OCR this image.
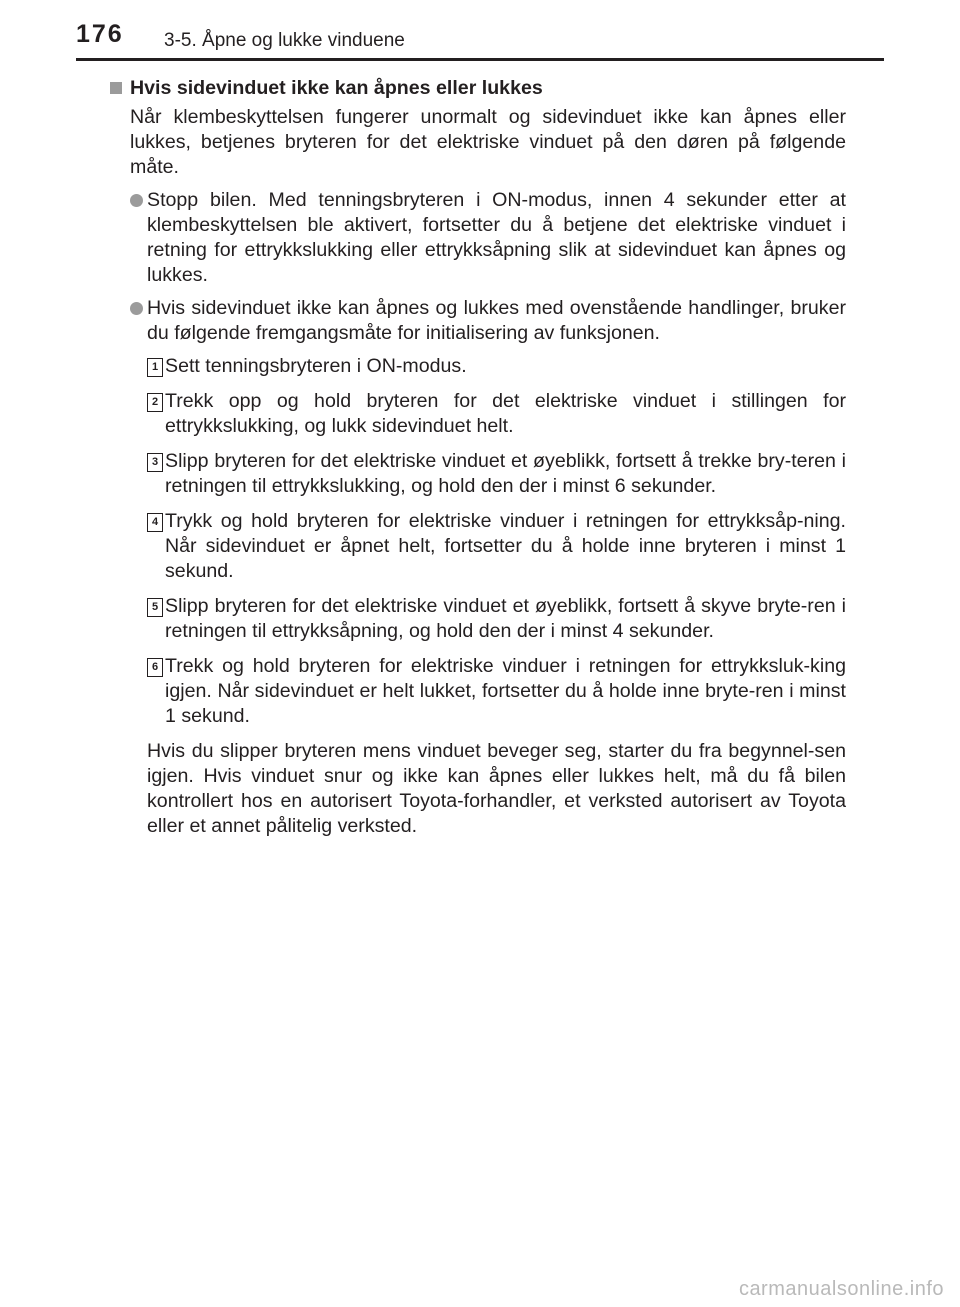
176 3-5. Åpne og lukke vinduene
Hvis sidevinduet ikke kan åpnes eller lukkes

Når klembeskyttelsen fungerer unormalt og sidevinduet ikke kan åpnes eller lukkes, betjenes bryteren for det elektriske vinduet på den døren på følgende måte.

Stopp bilen. Med tenningsbryteren i ON-modus, innen 4 sekunder etter at klembeskyttelsen ble aktivert, fortsetter du å betjene det elektriske vinduet i retning for ettrykkslukking eller ettrykksåpning slik at sidevinduet kan åpnes og lukkes.
Hvis sidevinduet ikke kan åpnes og lukkes med ovenstående handlinger, bruker du følgende fremgangsmåte for initialisering av funksjonen.
1 Sett tenningsbryteren i ON-modus.
2 Trekk opp og hold bryteren for det elektriske vinduet i stillingen for ettrykkslukking, og lukk sidevinduet helt.
3 Slipp bryteren for det elektriske vinduet et øyeblikk, fortsett å trekke bry-teren i retningen til ettrykkslukking, og hold den der i minst 6 sekunder.
4 Trykk og hold bryteren for elektriske vinduer i retningen for ettrykksåp-ning. Når sidevinduet er åpnet helt, fortsetter du å holde inne bryteren i minst 1 sekund.
5 Slipp bryteren for det elektriske vinduet et øyeblikk, fortsett å skyve bryte-ren i retningen til ettrykksåpning, og hold den der i minst 4 sekunder.
6 Trekk og hold bryteren for elektriske vinduer i retningen for ettrykksluk-king igjen. Når sidevinduet er helt lukket, fortsetter du å holde inne bryte-ren i minst 1 sekund.

Hvis du slipper bryteren mens vinduet beveger seg, starter du fra begynnel-sen igjen. Hvis vinduet snur og ikke kan åpnes eller lukkes helt, må du få bilen kontrollert hos en autorisert Toyota-forhandler, et verksted autorisert av Toyota eller et annet pålitelig verksted.

carmanualsonline.info
